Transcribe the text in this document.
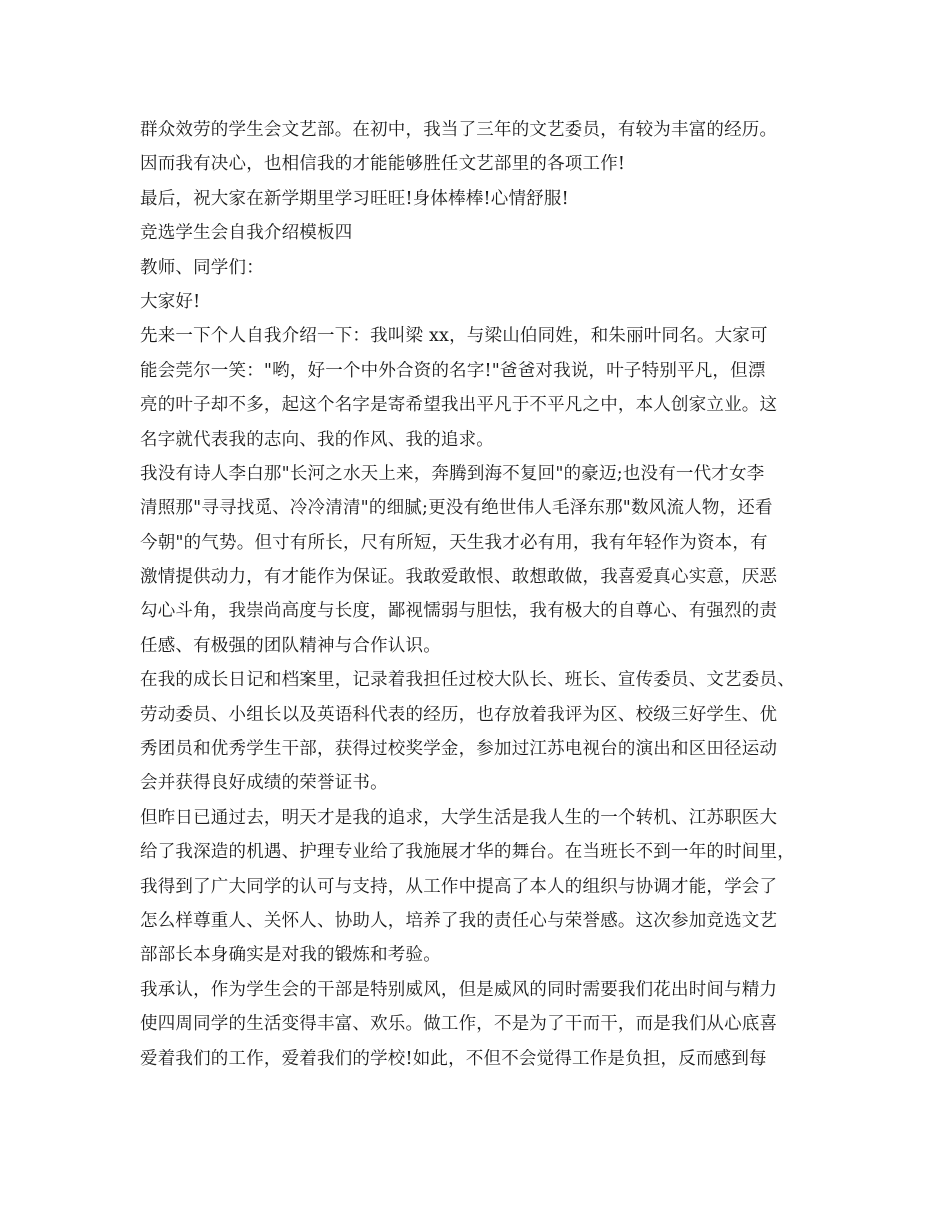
群众效劳的学生会文艺部。在初中，我当了三年的文艺委员，有较为丰富的经历。
因而我有决心，也相信我的才能能够胜任文艺部里的各项工作!
最后，祝大家在新学期里学习旺旺!身体棒棒!心情舒服!
竞选学生会自我介绍模板四
教师、同学们：
大家好!
先来一下个人自我介绍一下：我叫梁 xx，与梁山伯同姓，和朱丽叶同名。大家可
能会莞尔一笑："哟，好一个中外合资的名字!"爸爸对我说，叶子特别平凡，但漂
亮的叶子却不多，起这个名字是寄希望我出平凡于不平凡之中，本人创家立业。这
名字就代表我的志向、我的作风、我的追求。
我没有诗人李白那"长河之水天上来，奔腾到海不复回"的豪迈;也没有一代才女李
清照那"寻寻找觅、冷冷清清"的细腻;更没有绝世伟人毛泽东那"数风流人物，还看
今朝"的气势。但寸有所长，尺有所短，天生我才必有用，我有年轻作为资本，有
激情提供动力，有才能作为保证。我敢爱敢恨、敢想敢做，我喜爱真心实意，厌恶
勾心斗角，我崇尚高度与长度，鄙视懦弱与胆怯，我有极大的自尊心、有强烈的责
任感、有极强的团队精神与合作认识。
在我的成长日记和档案里，记录着我担任过校大队长、班长、宣传委员、文艺委员、
劳动委员、小组长以及英语科代表的经历，也存放着我评为区、校级三好学生、优
秀团员和优秀学生干部，获得过校奖学金，参加过江苏电视台的演出和区田径运动
会并获得良好成绩的荣誉证书。
但昨日已通过去，明天才是我的追求，大学生活是我人生的一个转机、江苏职医大
给了我深造的机遇、护理专业给了我施展才华的舞台。在当班长不到一年的时间里，
我得到了广大同学的认可与支持，从工作中提高了本人的组织与协调才能，学会了
怎么样尊重人、关怀人、协助人，培养了我的责任心与荣誉感。这次参加竞选文艺
部部长本身确实是对我的锻炼和考验。
我承认，作为学生会的干部是特别威风，但是威风的同时需要我们花出时间与精力
使四周同学的生活变得丰富、欢乐。做工作，不是为了干而干，而是我们从心底喜
爱着我们的工作，爱着我们的学校!如此，不但不会觉得工作是负担，反而感到每
